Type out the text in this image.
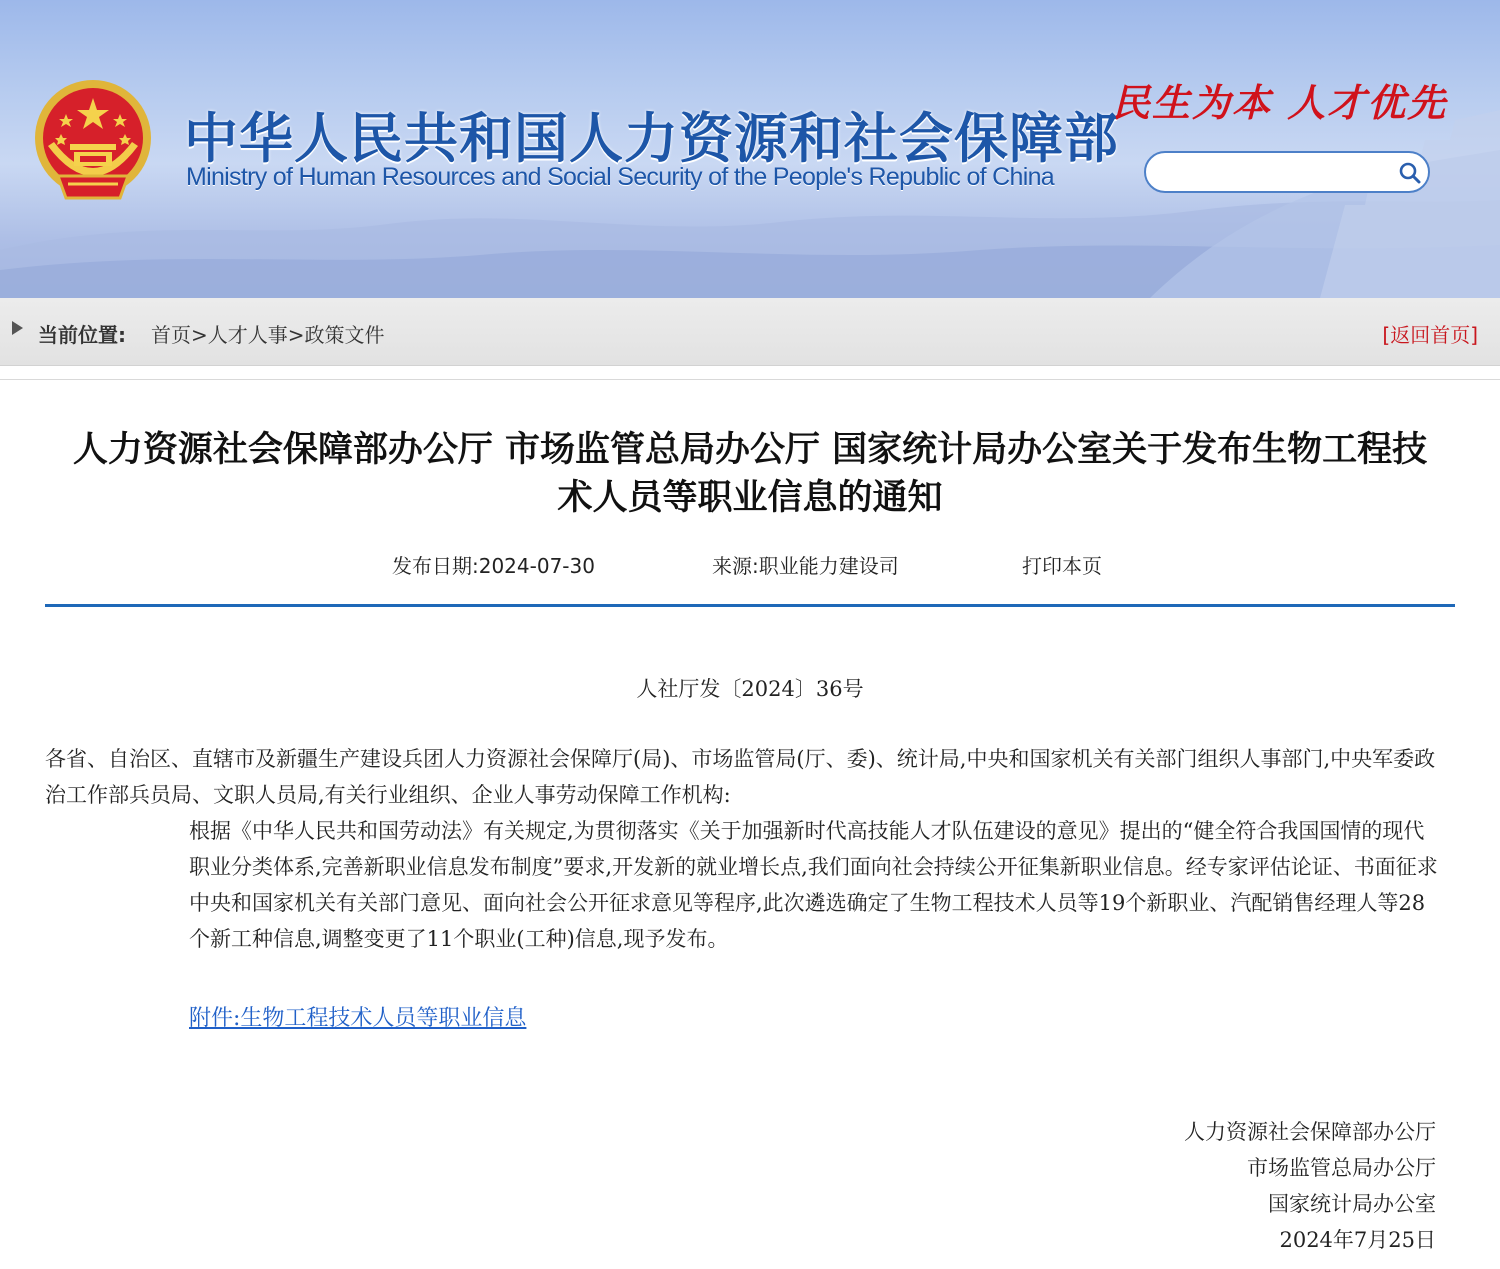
中华人民共和国人力资源和社会保障部
Ministry of Human Resources and Social Security of the People's Republic of China
民生为本 人才优先
当前位置: 首页>人才人事>政策文件	[返回首页]
人力资源社会保障部办公厅 市场监管总局办公厅 国家统计局办公室关于发布生物工程技
术人员等职业信息的通知
发布日期:2024-07-30	来源:职业能力建设司	打印本页
人社厅发〔2024〕36号

各省、自治区、直辖市及新疆生产建设兵团人力资源社会保障厅(局)、市场监管局(厅、委)、统计局,中央和国家机关有关部门组织人事部门,中央军委政治工作部兵员局、文职人员局,有关行业组织、企业人事劳动保障工作机构:

根据《中华人民共和国劳动法》有关规定,为贯彻落实《关于加强新时代高技能人才队伍建设的意见》提出的“健全符合我国国情的现代职业分类体系,完善新职业信息发布制度”要求,开发新的就业增长点,我们面向社会持续公开征集新职业信息。经专家评估论证、书面征求中央和国家机关有关部门意见、面向社会公开征求意见等程序,此次遴选确定了生物工程技术人员等19个新职业、汽配销售经理人等28个新工种信息,调整变更了11个职业(工种)信息,现予发布。

附件:生物工程技术人员等职业信息
人力资源社会保障部办公厅
市场监管总局办公厅
国家统计局办公室
2024年7月25日
